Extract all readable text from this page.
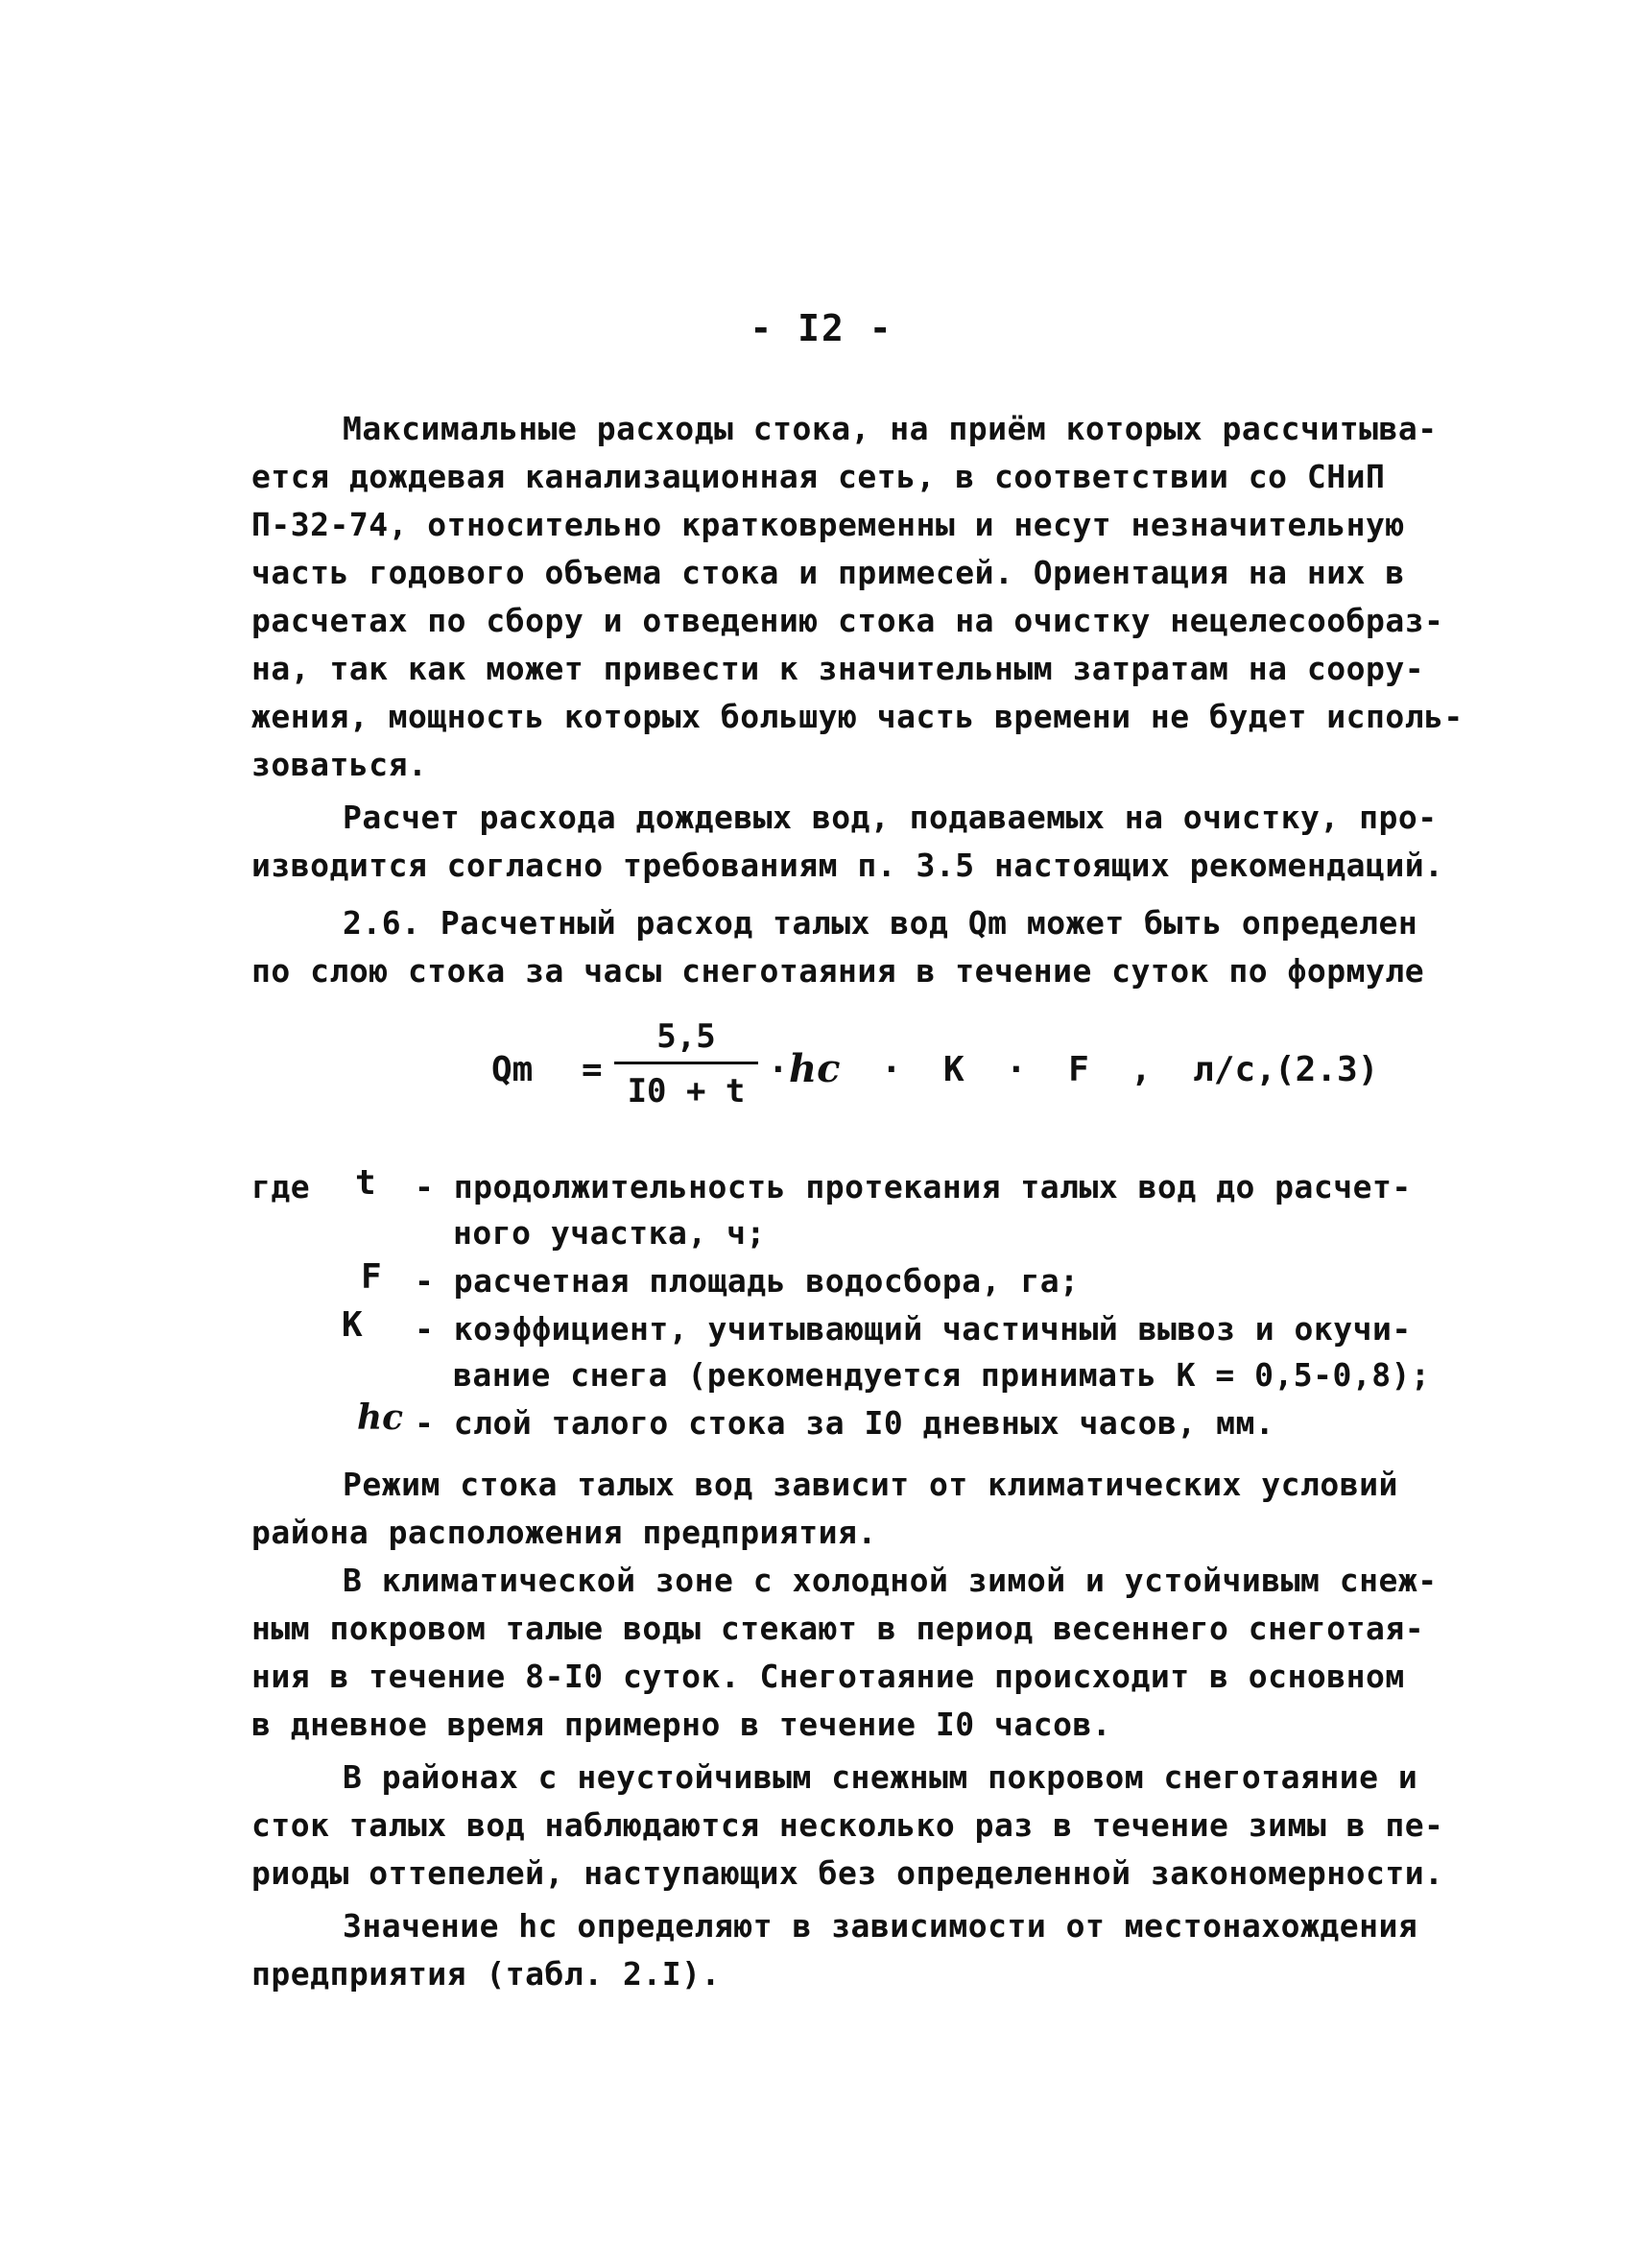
- I2 -
Максимальные расходы стока, на приём которых рассчитыва-
ется дождевая канализационная сеть, в соответствии со СНиП
П-32-74, относительно кратковременны и несут незначительную
часть годового объема стока и примесей. Ориентация на них в
расчетах по сбору и отведению стока на очистку нецелесообраз-
на, так как может привести к значительным затратам на соору-
жения, мощность которых большую часть времени не будет исполь-
зоваться.
Расчет расхода дождевых вод, подаваемых на очистку, про-
изводится согласно требованиям п. 3.5 настоящих рекомендаций.
2.6. Расчетный расход талых вод Qm может быть определен
по слою стока за часы снеготаяния в течение суток по формуле
Qm =
5,5
I0 + t
· hc ·  K  ·  F  ,  л/с,
(2.3)
где t - продолжительность протекания талых вод до расчет-
ного участка, ч;
F - расчетная площадь водосбора, га;
K - коэффициент, учитывающий частичный вывоз и окучи-
вание снега (рекомендуется принимать K = 0,5-0,8);
hc - слой талого стока за I0 дневных часов, мм.
Режим стока талых вод зависит от климатических условий
района расположения предприятия.
В климатической зоне с холодной зимой и устойчивым снеж-
ным покровом талые воды стекают в период весеннего снеготая-
ния в течение 8-I0 суток. Снеготаяние происходит в основном
в дневное время примерно в течение I0 часов.
В районах с неустойчивым снежным покровом снеготаяние и
сток талых вод наблюдаются несколько раз в течение зимы в пе-
риоды оттепелей, наступающих без определенной закономерности.
Значение hc определяют в зависимости от местонахождения
предприятия (табл. 2.I).
